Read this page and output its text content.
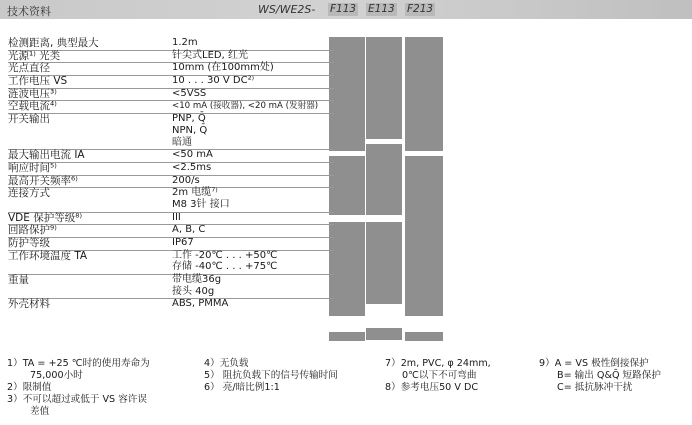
技术资料	WS/WE2S- F113 E113 F213
检测距离, 典型最大	1.2m
光源¹⁾ 光类	针尖式LED, 红光
光点直径	10mm (在100mm处)
工作电压 VS	10 . . . 30 V DC²⁾
涟波电压³⁾	<5VSS
空载电流⁴⁾	<10 mA (接收器), <20 mA (发射器)
开关输出	PNP, Q̄
NPN, Q̄
暗通
最大输出电流 IA	<50 mA
响应时间⁵⁾	<2.5ms
最高开关频率⁶⁾	200/s
连接方式	2m 电缆⁷⁾
M8 3针 接口
VDE 保护等级⁸⁾	III
回路保护⁹⁾	A, B, C
防护等级	IP67
工作环境温度 TA	工作 -20℃ . . . +50℃
存储 -40℃ . . . +75℃
重量	带电缆36g
接头 40g
外壳材料	ABS, PMMA
1）TA = +25 ℃时的使用寿命为
75,000小时
2）限制值
3）不可以超过或低于 VS 容许误
差值
4）无负载
5） 阻抗负载下的信号传输时间
6） 亮/暗比例1:1
7）2m, PVC, φ 24mm,
0℃以下不可弯曲
8）参考电压50 V DC
9）A = VS 极性倒接保护
B= 输出 Q&Q̄ 短路保护
C= 抵抗脉冲干扰
